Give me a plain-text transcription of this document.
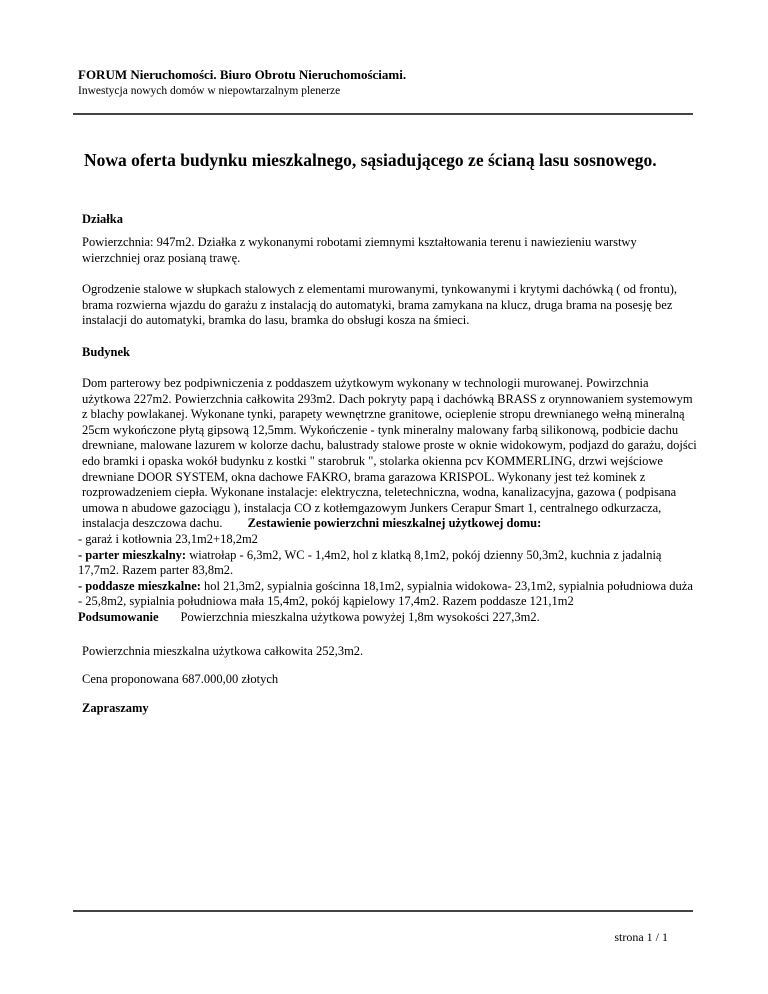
FORUM Nieruchomości. Biuro Obrotu Nieruchomościami.
Inwestycja nowych domów w niepowtarzalnym plenerze
Nowa oferta budynku mieszkalnego, sąsiadującego ze ścianą lasu sosnowego.
Działka

Powierzchnia: 947m2. Działka z wykonanymi robotami ziemnymi kształtowania terenu i nawiezieniu warstwy wierzchniej oraz posianą trawę.

Ogrodzenie stalowe w słupkach stalowych z elementami murowanymi, tynkowanymi i krytymi dachówką ( od frontu), brama rozwierna wjazdu do garażu z instalacją do automatyki, brama zamykana na klucz, druga brama na posesję bez instalacji do automatyki, bramka do lasu, bramka do obsługi kosza na śmieci.

Budynek

Dom parterowy bez podpiwniczenia z poddaszem użytkowym wykonany w technologii murowanej. Powirzchnia użytkowa 227m2. Powierzchnia całkowita 293m2. Dach pokryty papą i dachówką BRASS z orynnowaniem systemowym z blachy powlakanej. Wykonane tynki, parapety wewnętrzne granitowe, ocieplenie stropu drewnianego wełną mineralną 25cm wykończone płytą gipsową 12,5mm. Wykończenie - tynk mineralny malowany farbą silikonową, podbicie dachu drewniane, malowane lazurem w kolorze dachu, balustrady stalowe proste w oknie widokowym, podjazd do garażu, dojści edo bramki i opaska wokół budynku z kostki " starobruk ", stolarka okienna pcv KOMMERLING, drzwi wejściowe drewniane DOOR SYSTEM, okna dachowe FAKRO, brama garazowa KRISPOL. Wykonany jest też kominek z rozprowadzeniem ciepła. Wykonane instalacje: elektryczna, teletechniczna, wodna, kanalizacyjna, gazowa ( podpisana umowa n abudowe gazociągu ), instalacja CO z kotłemgazowym Junkers Cerapur Smart 1, centralnego odkurzacza, instalacja deszczowa dachu. Zestawienie powierzchni mieszkalnej użytkowej domu:

- garaż i kotłownia 23,1m2+18,2m2

- parter mieszkalny: wiatrołap - 6,3m2, WC - 1,4m2, hol z klatką 8,1m2, pokój dzienny 50,3m2, kuchnia z jadalnią 17,7m2. Razem parter 83,8m2.

- poddasze mieszkalne: hol 21,3m2, sypialnia gościnna 18,1m2, sypialnia widokowa- 23,1m2, sypialnia południowa duża - 25,8m2, sypialnia południowa mała 15,4m2, pokój kąpielowy 17,4m2. Razem poddasze 121,1m2

Podsumowanie Powierzchnia mieszkalna użytkowa powyżej 1,8m wysokości 227,3m2.

Powierzchnia mieszkalna użytkowa całkowita 252,3m2.
Cena proponowana 687.000,00 złotych
Zapraszamy
strona 1 / 1
